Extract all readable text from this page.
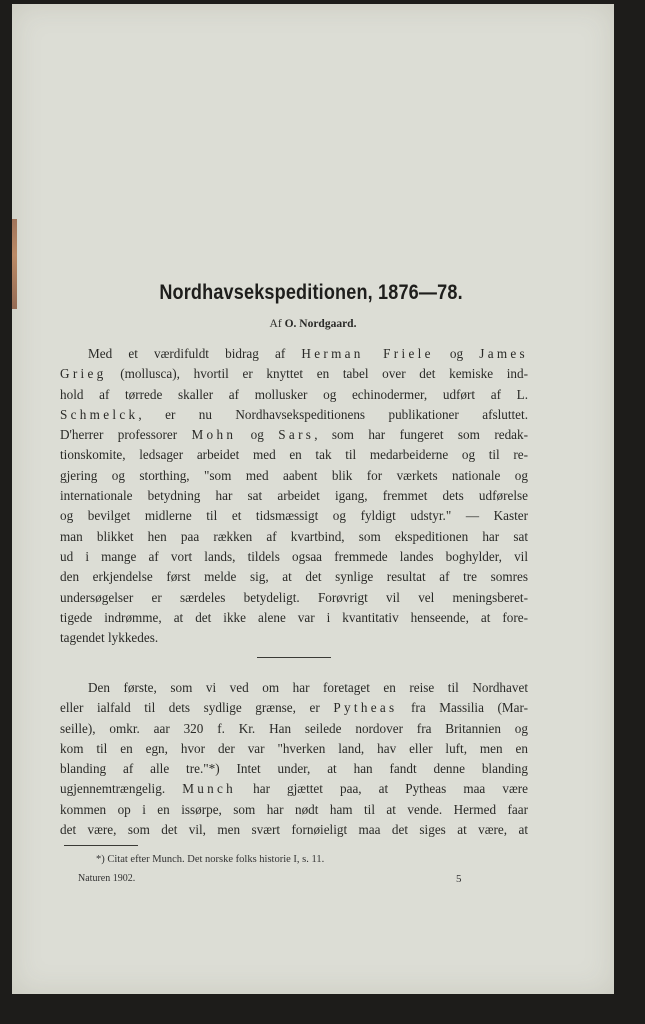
Nordhavsekspeditionen, 1876—78.
Af O. Nordgaard.
Med et værdifuldt bidrag af Herman Friele og James
Grieg (mollusca), hvortil er knyttet en tabel over det kemiske ind-
hold af tørrede skaller af mollusker og echinodermer, udført af L.
Schmelck, er nu Nordhavsekspeditionens publikationer afsluttet.
D'herrer professorer Mohn og Sars, som har fungeret som redak-
tionskomite, ledsager arbeidet med en tak til medarbeiderne og til re-
gjering og storthing, "som med aabent blik for værkets nationale og
internationale betydning har sat arbeidet igang, fremmet dets udførelse
og bevilget midlerne til et tidsmæssigt og fyldigt udstyr." — Kaster
man blikket hen paa rækken af kvartbind, som ekspeditionen har sat
ud i mange af vort lands, tildels ogsaa fremmede landes boghylder, vil
den erkjendelse først melde sig, at det synlige resultat af tre somres
undersøgelser er særdeles betydeligt. Forøvrigt vil vel meningsberet-
tigede indrømme, at det ikke alene var i kvantitativ henseende, at fore-
tagendet lykkedes.
Den første, som vi ved om har foretaget en reise til Nordhavet
eller ialfald til dets sydlige grænse, er Pytheas fra Massilia (Mar-
seille), omkr. aar 320 f. Kr. Han seilede nordover fra Britannien og
kom til en egn, hvor der var "hverken land, hav eller luft, men en
blanding af alle tre."*) Intet under, at han fandt denne blanding
ugjennemtrængelig. Munch har gjættet paa, at Pytheas maa være
kommen op i en issørpe, som har nødt ham til at vende. Hermed faar
det være, som det vil, men svært fornøieligt maa det siges at være, at
*) Citat efter Munch. Det norske folks historie I, s. 11.
Naturen 1902.	5
